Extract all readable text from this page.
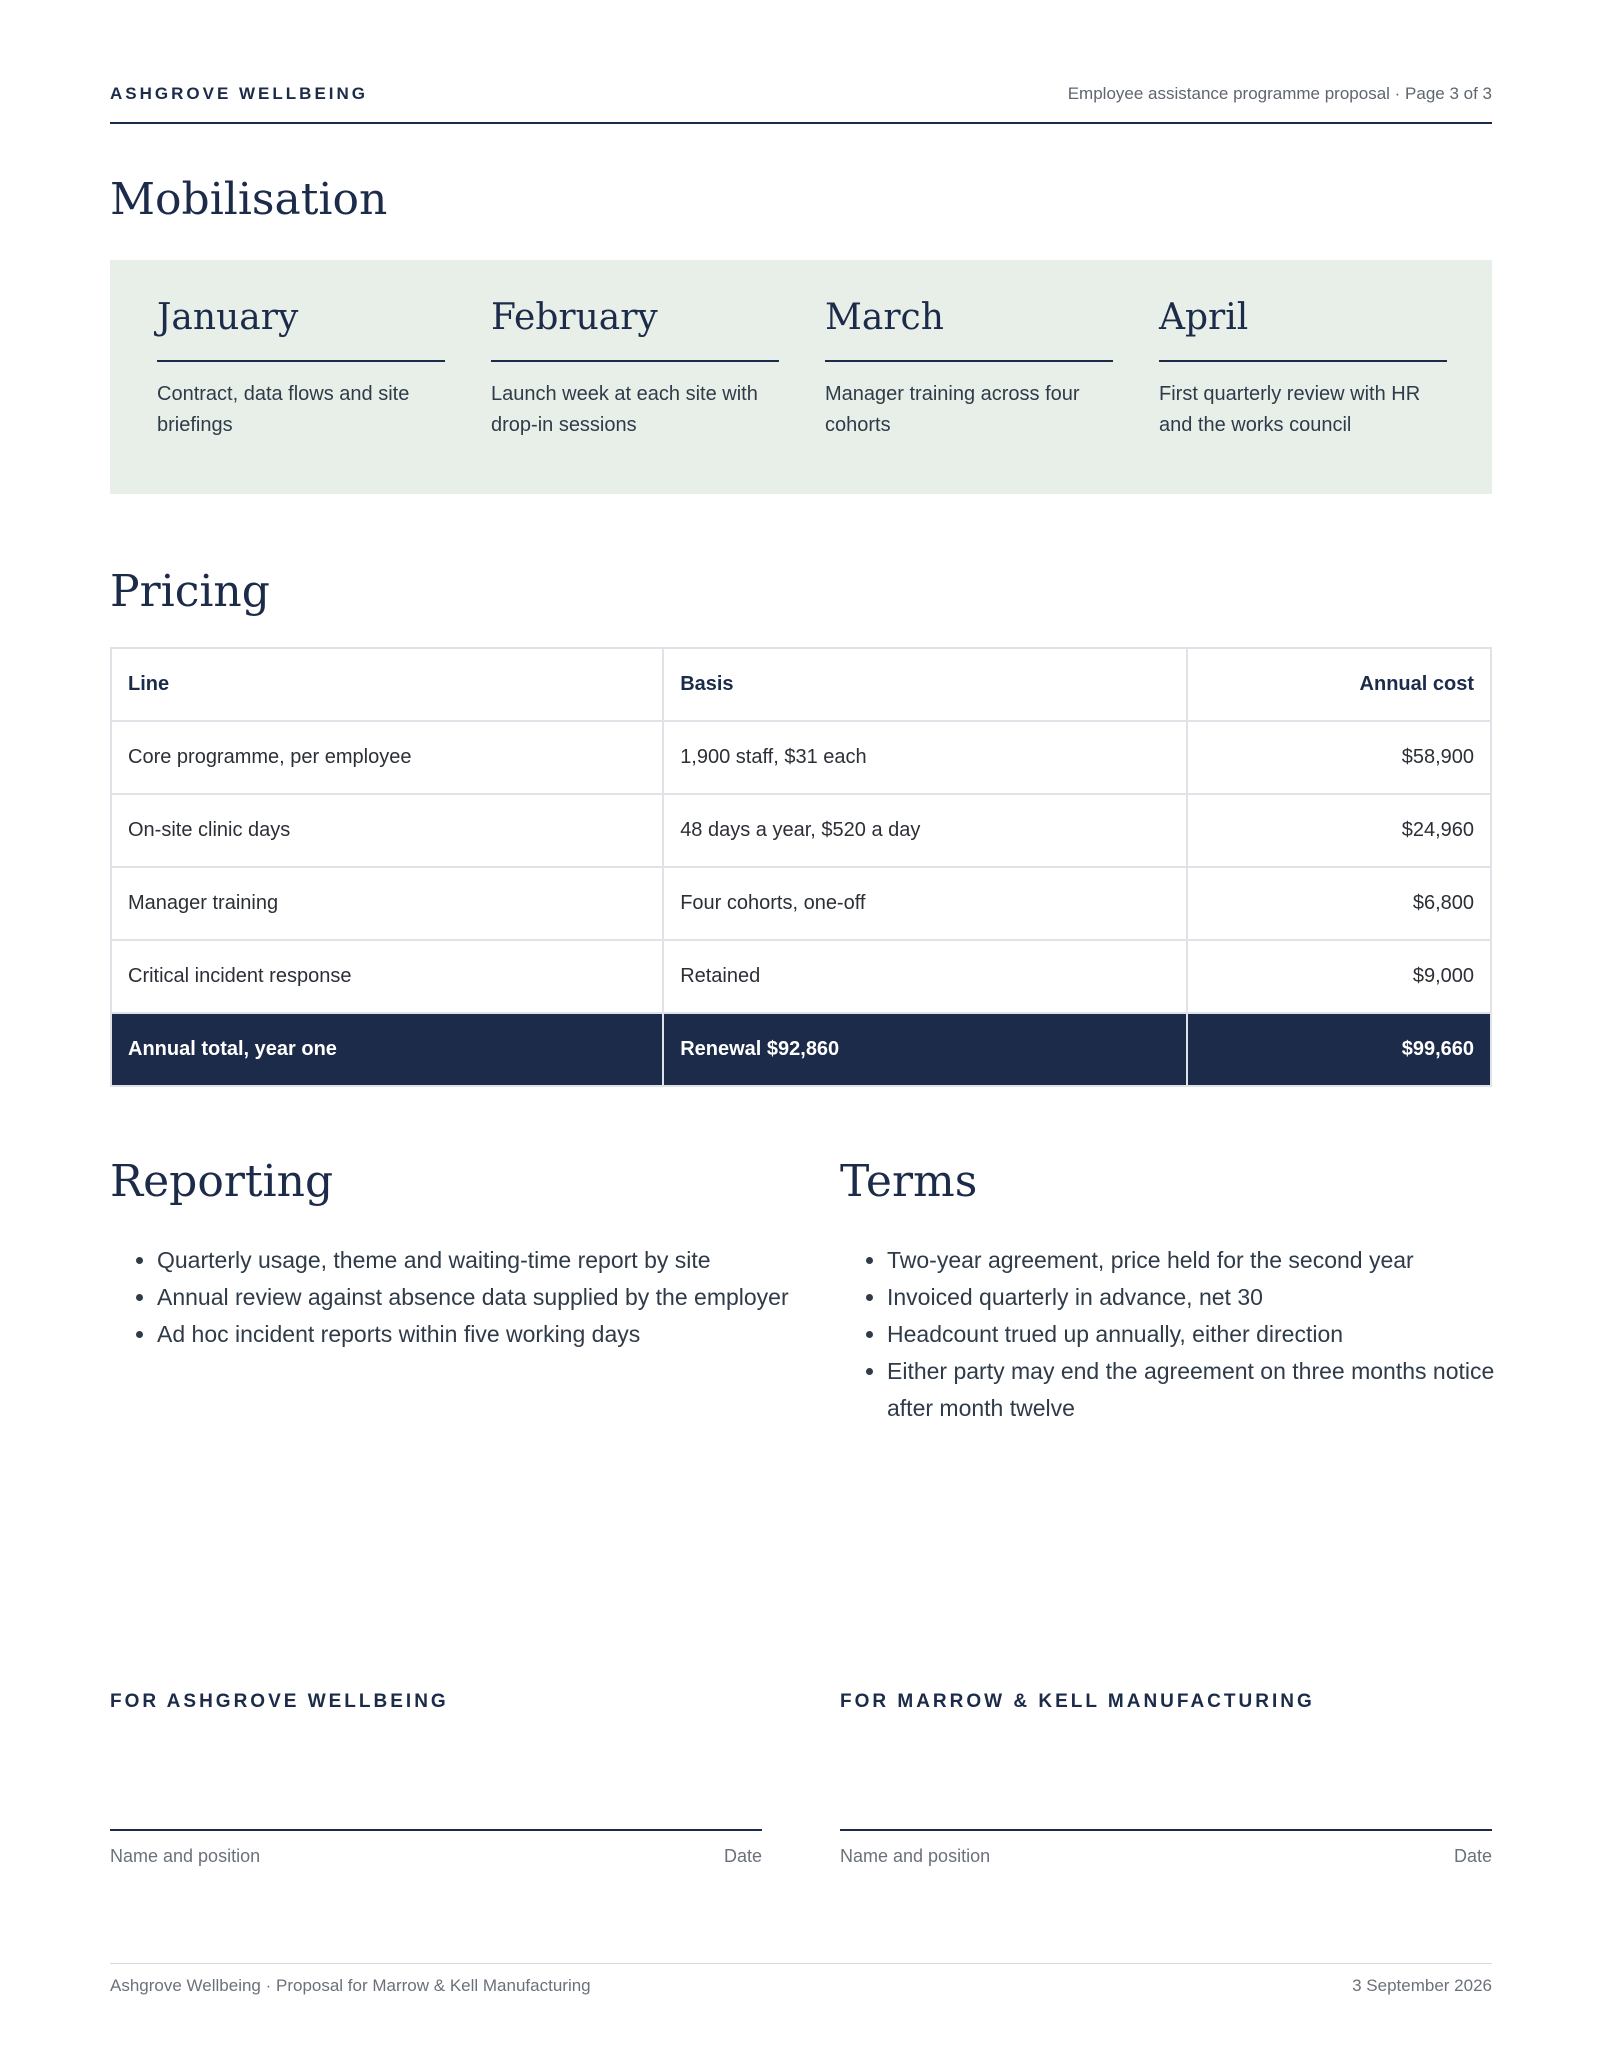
ASHGROVE WELLBEING	Employee assistance programme proposal · Page 3 of 3
Mobilisation
January
Contract, data flows and site briefings
February
Launch week at each site with drop-in sessions
March
Manager training across four cohorts
April
First quarterly review with HR and the works council
Pricing
Line	Basis	Annual cost
Core programme, per employee	1,900 staff, $31 each	$58,900
On-site clinic days	48 days a year, $520 a day	$24,960
Manager training	Four cohorts, one-off	$6,800
Critical incident response	Retained	$9,000
Annual total, year one	Renewal $92,860	$99,660
Reporting
• Quarterly usage, theme and waiting-time report by site
• Annual review against absence data supplied by the employer
• Ad hoc incident reports within five working days
Terms
• Two-year agreement, price held for the second year
• Invoiced quarterly in advance, net 30
• Headcount trued up annually, either direction
• Either party may end the agreement on three months notice after month twelve
FOR ASHGROVE WELLBEING
Name and position	Date
FOR MARROW & KELL MANUFACTURING
Name and position	Date
Ashgrove Wellbeing · Proposal for Marrow & Kell Manufacturing	3 September 2026
